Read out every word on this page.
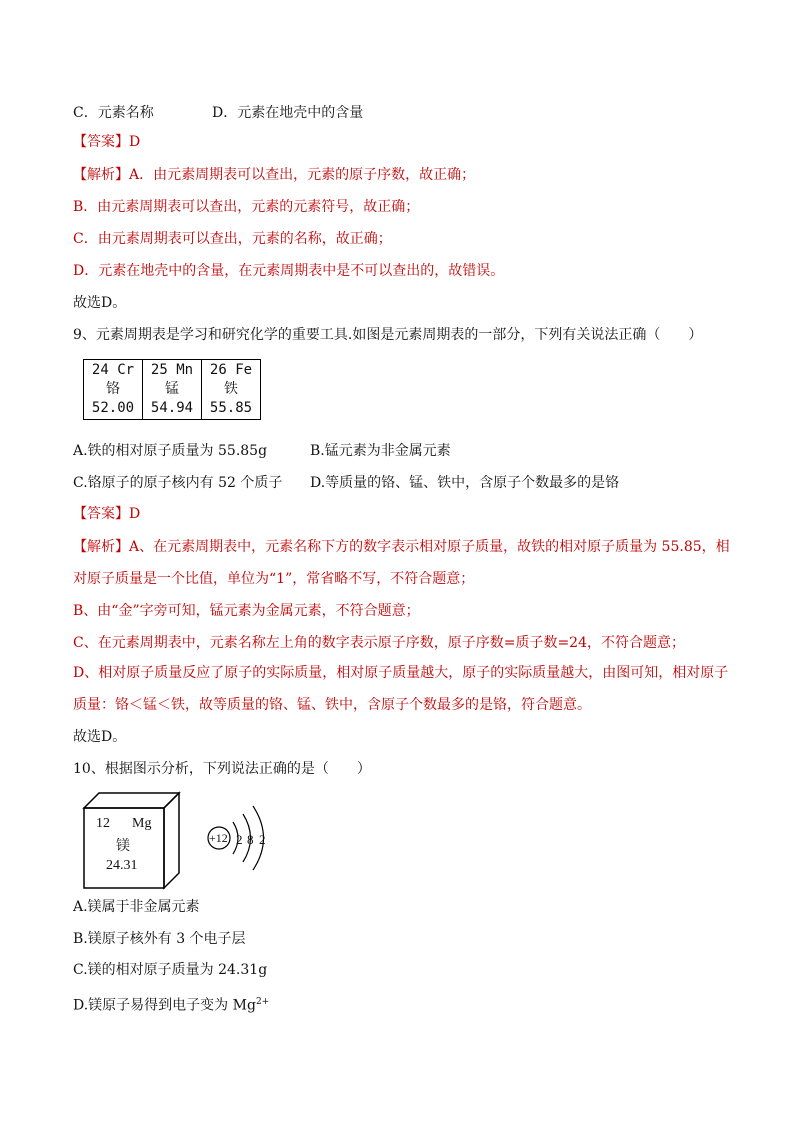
C．元素名称	D．元素在地壳中的含量
【答案】D
【解析】A．由元素周期表可以查出，元素的原子序数，故正确；
B．由元素周期表可以查出，元素的元素符号，故正确；
C．由元素周期表可以查出，元素的名称，故正确；
D．元素在地壳中的含量，在元素周期表中是不可以查出的，故错误。
故选D。
9、元素周期表是学习和研究化学的重要工具.如图是元素周期表的一部分，下列有关说法正确（　　）
24 Cr
铬
52.00
25 Mn
锰
54.94
26 Fe
铁
55.85
A.铁的相对原子质量为 55.85g	B.锰元素为非金属元素
C.铬原子的原子核内有 52 个质子 D.等质量的铬、锰、铁中，含原子个数最多的是铬
【答案】D
【解析】A、在元素周期表中，元素名称下方的数字表示相对原子质量，故铁的相对原子质量为 55.85，相
对原子质量是一个比值，单位为“1”，常省略不写，不符合题意；
B、由“金”字旁可知，锰元素为金属元素，不符合题意；
C、在元素周期表中，元素名称左上角的数字表示原子序数，原子序数=质子数=24，不符合题意；
D、相对原子质量反应了原子的实际质量，相对原子质量越大，原子的实际质量越大，由图可知，相对原子
质量：铬＜锰＜铁，故等质量的铬、锰、铁中，含原子个数最多的是铬，符合题意。
故选D。
10、根据图示分析，下列说法正确的是（　　）
12 Mg
镁
24.31
+12 2 8 2
A.镁属于非金属元素
B.镁原子核外有 3 个电子层
C.镁的相对原子质量为 24.31g
D.镁原子易得到电子变为 $Mg^{2+}$
